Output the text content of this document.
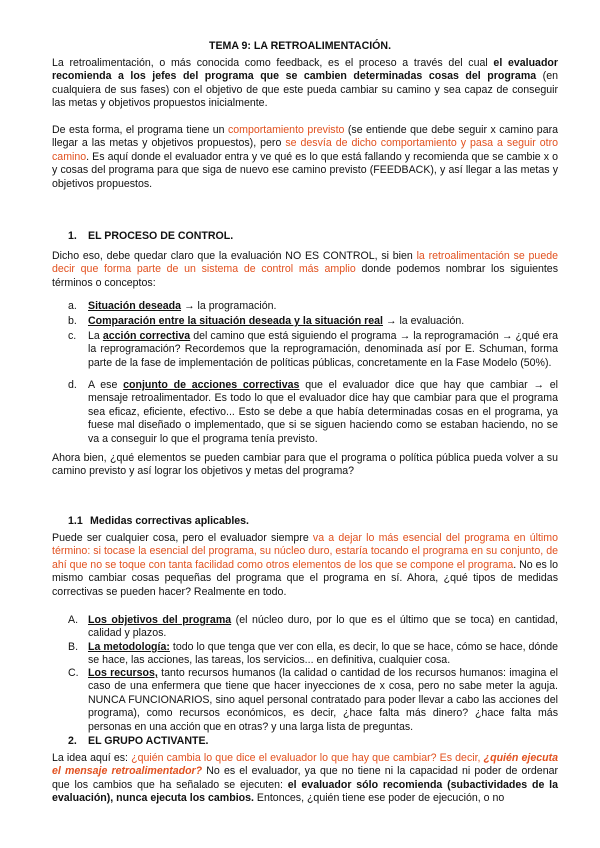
TEMA 9: LA RETROALIMENTACIÓN.

La retroalimentación, o más conocida como feedback, es el proceso a través del cual el evaluador recomienda a los jefes del programa que se cambien determinadas cosas del programa (en cualquiera de sus fases) con el objetivo de que este pueda cambiar su camino y sea capaz de conseguir las metas y objetivos propuestos inicialmente.

De esta forma, el programa tiene un comportamiento previsto (se entiende que debe seguir x camino para llegar a las metas y objetivos propuestos), pero se desvía de dicho comportamiento y pasa a seguir otro camino. Es aquí donde el evaluador entra y ve qué es lo que está fallando y recomienda que se cambie x o y cosas del programa para que siga de nuevo ese camino previsto (FEEDBACK), y así llegar a las metas y objetivos propuestos.

1. EL PROCESO DE CONTROL.

Dicho eso, debe quedar claro que la evaluación NO ES CONTROL, si bien la retroalimentación se puede decir que forma parte de un sistema de control más amplio donde podemos nombrar los siguientes términos o conceptos:

a. Situación deseada → la programación.
b. Comparación entre la situación deseada y la situación real → la evaluación.
c. La acción correctiva del camino que está siguiendo el programa → la reprogramación → ¿qué era la reprogramación? Recordemos que la reprogramación, denominada así por E. Schuman, forma parte de la fase de implementación de políticas públicas, concretamente en la Fase Modelo (50%).
d. A ese conjunto de acciones correctivas que el evaluador dice que hay que cambiar → el mensaje retroalimentador. Es todo lo que el evaluador dice hay que cambiar para que el programa sea eficaz, eficiente, efectivo... Esto se debe a que había determinadas cosas en el programa, ya fuese mal diseñado o implementado, que si se siguen haciendo como se estaban haciendo, no se va a conseguir lo que el programa tenía previsto.

Ahora bien, ¿qué elementos se pueden cambiar para que el programa o política pública pueda volver a su camino previsto y así lograr los objetivos y metas del programa?

1.1 Medidas correctivas aplicables.

Puede ser cualquier cosa, pero el evaluador siempre va a dejar lo más esencial del programa en último término: si tocase la esencial del programa, su núcleo duro, estaría tocando el programa en su conjunto, de ahí que no se toque con tanta facilidad como otros elementos de los que se compone el programa. No es lo mismo cambiar cosas pequeñas del programa que el programa en sí. Ahora, ¿qué tipos de medidas correctivas se pueden hacer? Realmente en todo.

A. Los objetivos del programa (el núcleo duro, por lo que es el último que se toca) en cantidad, calidad y plazos.
B. La metodología: todo lo que tenga que ver con ella, es decir, lo que se hace, cómo se hace, dónde se hace, las acciones, las tareas, los servicios... en definitiva, cualquier cosa.
C. Los recursos, tanto recursos humanos (la calidad o cantidad de los recursos humanos: imagina el caso de una enfermera que tiene que hacer inyecciones de x cosa, pero no sabe meter la aguja. NUNCA FUNCIONARIOS, sino aquel personal contratado para poder llevar a cabo las acciones del programa), como recursos económicos, es decir, ¿hace falta más dinero? ¿hace falta más personas en una acción que en otras? y una larga lista de preguntas.
2. EL GRUPO ACTIVANTE.

La idea aquí es: ¿quién cambia lo que dice el evaluador lo que hay que cambiar? Es decir, ¿quién ejecuta el mensaje retroalimentador? No es el evaluador, ya que no tiene ni la capacidad ni poder de ordenar que los cambios que ha señalado se ejecuten: el evaluador sólo recomienda (subactividades de la evaluación), nunca ejecuta los cambios. Entonces, ¿quién tiene ese poder de ejecución, o no
